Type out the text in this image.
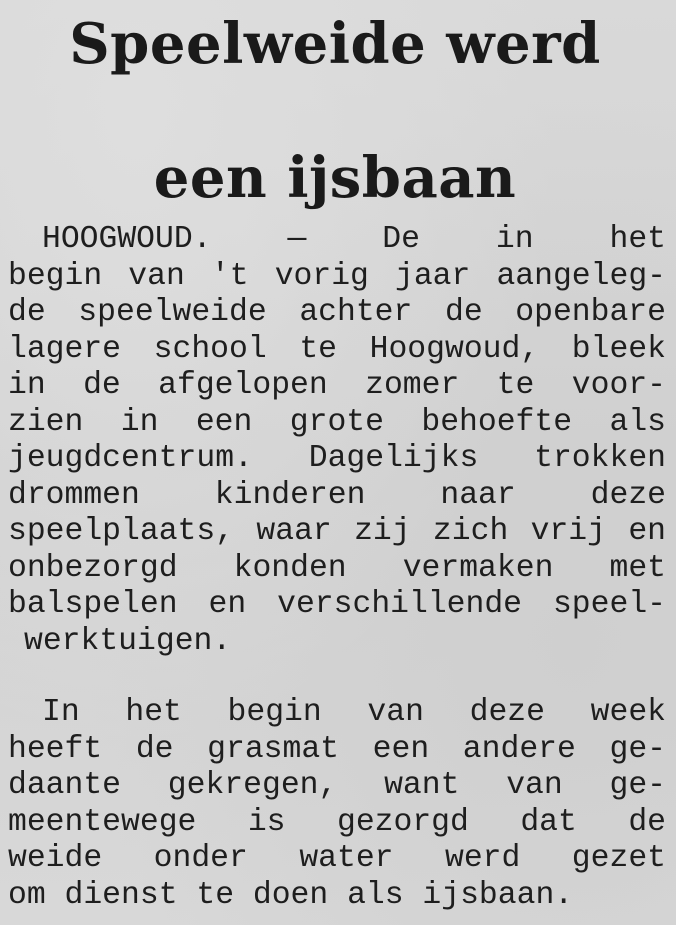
Speelweide werd
een ijsbaan

HOOGWOUD. — De in het
begin van 't vorig jaar aangeleg-
de speelweide achter de openbare
lagere school te Hoogwoud, bleek
in de afgelopen zomer te voor-
zien in een grote behoefte als
jeugdcentrum. Dagelijks trokken
drommen kinderen naar deze
speelplaats, waar zij zich vrij en
onbezorgd konden vermaken met
balspelen en verschillende speel-
werktuigen.

In het begin van deze week
heeft de grasmat een andere ge-
daante gekregen, want van ge-
meentewege is gezorgd dat de
weide onder water werd gezet
om dienst te doen als ijsbaan.
